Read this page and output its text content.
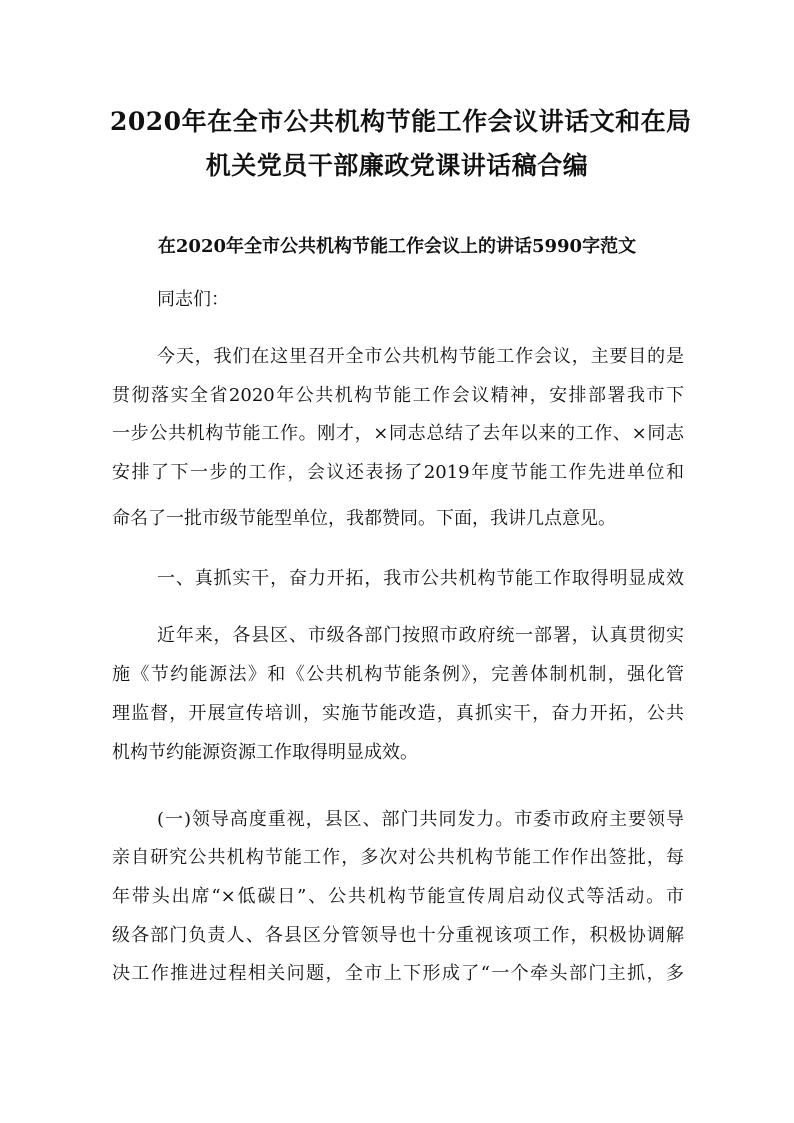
2020年在全市公共机构节能工作会议讲话文和在局
机关党员干部廉政党课讲话稿合编
在2020年全市公共机构节能工作会议上的讲话5990字范文
同志们：
今天，我们在这里召开全市公共机构节能工作会议，主要目的是
贯彻落实全省2020年公共机构节能工作会议精神，安排部署我市下
一步公共机构节能工作。刚才，×同志总结了去年以来的工作、×同志
安排了下一步的工作，会议还表扬了2019年度节能工作先进单位和
命名了一批市级节能型单位，我都赞同。下面，我讲几点意见。
一、真抓实干，奋力开拓，我市公共机构节能工作取得明显成效
近年来，各县区、市级各部门按照市政府统一部署，认真贯彻实
施《节约能源法》和《公共机构节能条例》，完善体制机制，强化管
理监督，开展宣传培训，实施节能改造，真抓实干，奋力开拓，公共
机构节约能源资源工作取得明显成效。
(一)领导高度重视，县区、部门共同发力。市委市政府主要领导
亲自研究公共机构节能工作，多次对公共机构节能工作作出签批，每
年带头出席“×低碳日”、公共机构节能宣传周启动仪式等活动。市
级各部门负责人、各县区分管领导也十分重视该项工作，积极协调解
决工作推进过程相关问题，全市上下形成了“一个牵头部门主抓，多
